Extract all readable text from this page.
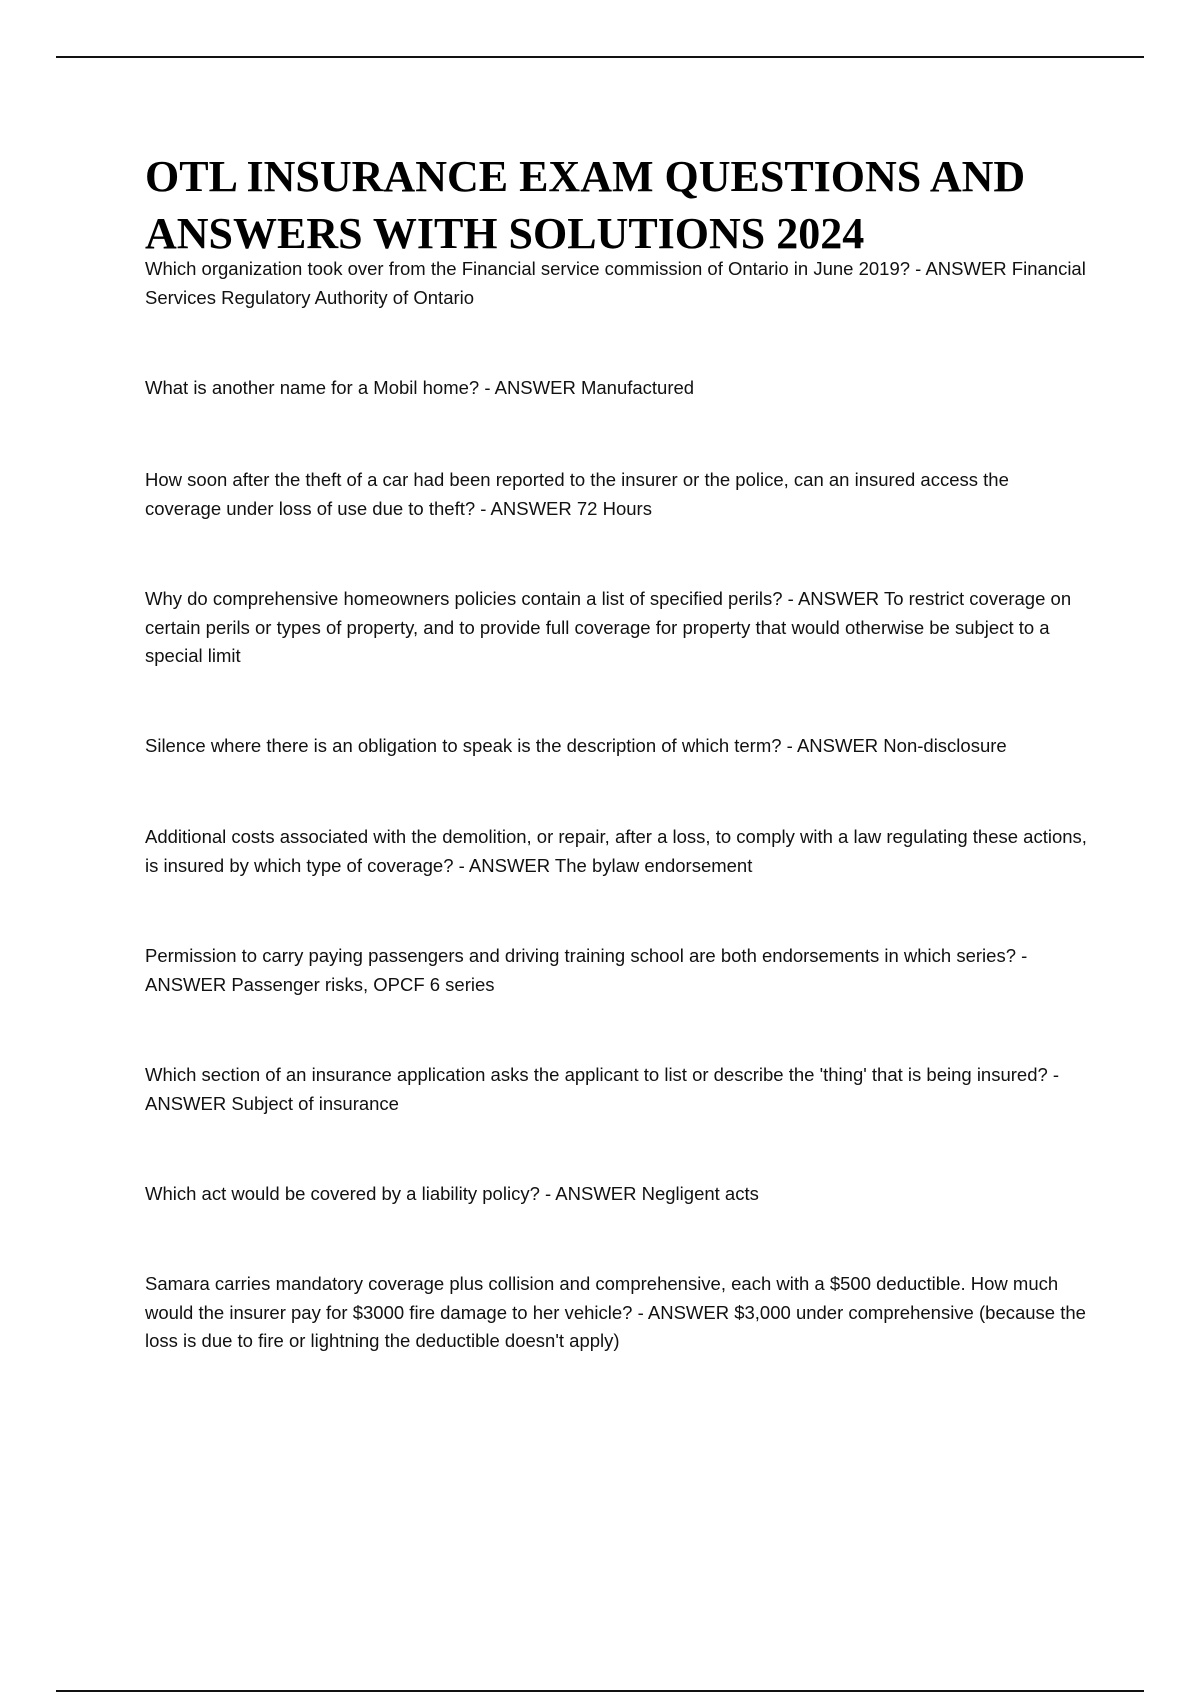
OTL INSURANCE EXAM QUESTIONS AND ANSWERS WITH SOLUTIONS 2024
Which organization took over from the Financial service commission of Ontario in June 2019? - ANSWER Financial Services Regulatory Authority of Ontario
What is another name for a Mobil home? - ANSWER Manufactured
How soon after the theft of a car had been reported to the insurer or the police, can an insured access the coverage under loss of use due to theft? - ANSWER 72 Hours
Why do comprehensive homeowners policies contain a list of specified perils? - ANSWER To restrict coverage on certain perils or types of property, and to provide full coverage for property that would otherwise be subject to a special limit
Silence where there is an obligation to speak is the description of which term? - ANSWER Non-disclosure
Additional costs associated with the demolition, or repair, after a loss, to comply with a law regulating these actions, is insured by which type of coverage? - ANSWER The bylaw endorsement
Permission to carry paying passengers and driving training school are both endorsements in which series? - ANSWER Passenger risks, OPCF 6 series
Which section of an insurance application asks the applicant to list or describe the 'thing' that is being insured? - ANSWER Subject of insurance
Which act would be covered by a liability policy? - ANSWER Negligent acts
Samara carries mandatory coverage plus collision and comprehensive, each with a $500 deductible. How much would the insurer pay for $3000 fire damage to her vehicle? - ANSWER $3,000 under comprehensive (because the loss is due to fire or lightning the deductible doesn't apply)
